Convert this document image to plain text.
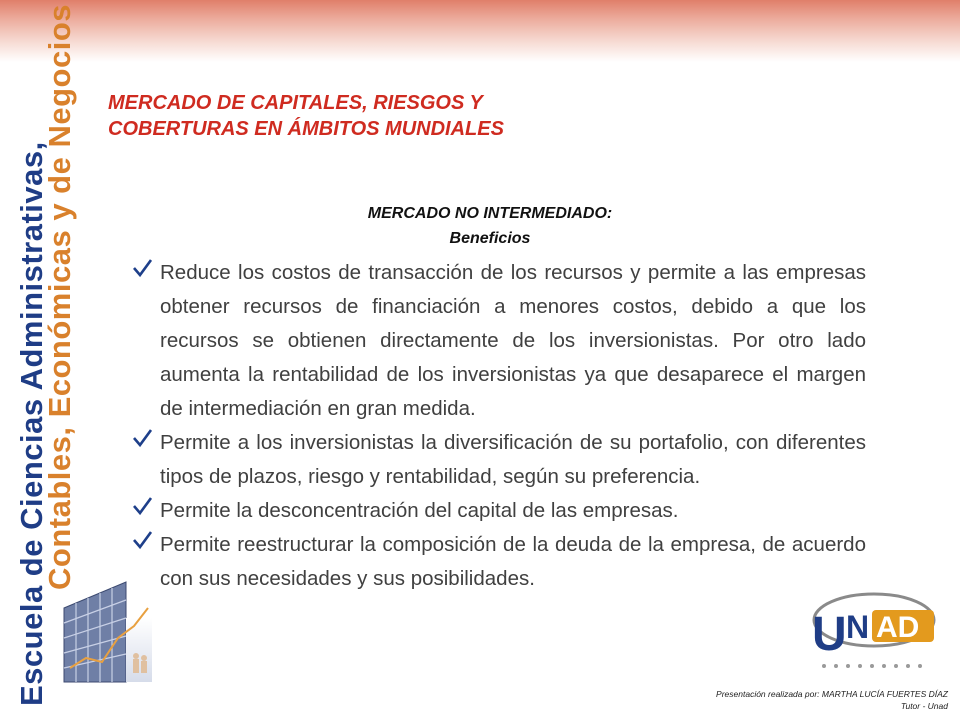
Escuela de Ciencias Administrativas,
Contables, Económicas y de Negocios MERCADO DE CAPITALES, RIESGOS Y
COBERTURAS EN ÁMBITOS MUNDIALES
MERCADO NO INTERMEDIADO:
Beneficios
Reduce los costos de transacción de los recursos y permite a las empresas obtener recursos de financiación a menores costos, debido a que los recursos se obtienen directamente de los inversionistas. Por otro lado aumenta la rentabilidad de los inversionistas ya que desaparece el margen de intermediación en gran medida.
Permite a los inversionistas la diversificación de su portafolio, con diferentes tipos de plazos, riesgo y rentabilidad, según su preferencia.
Permite la desconcentración del capital de las empresas.
Permite reestructurar la composición de la deuda de la empresa, de acuerdo con sus necesidades y sus posibilidades.
U N AD
Presentación realizada por: MARTHA LUCÍA FUERTES DÍAZ
Tutor - Unad
